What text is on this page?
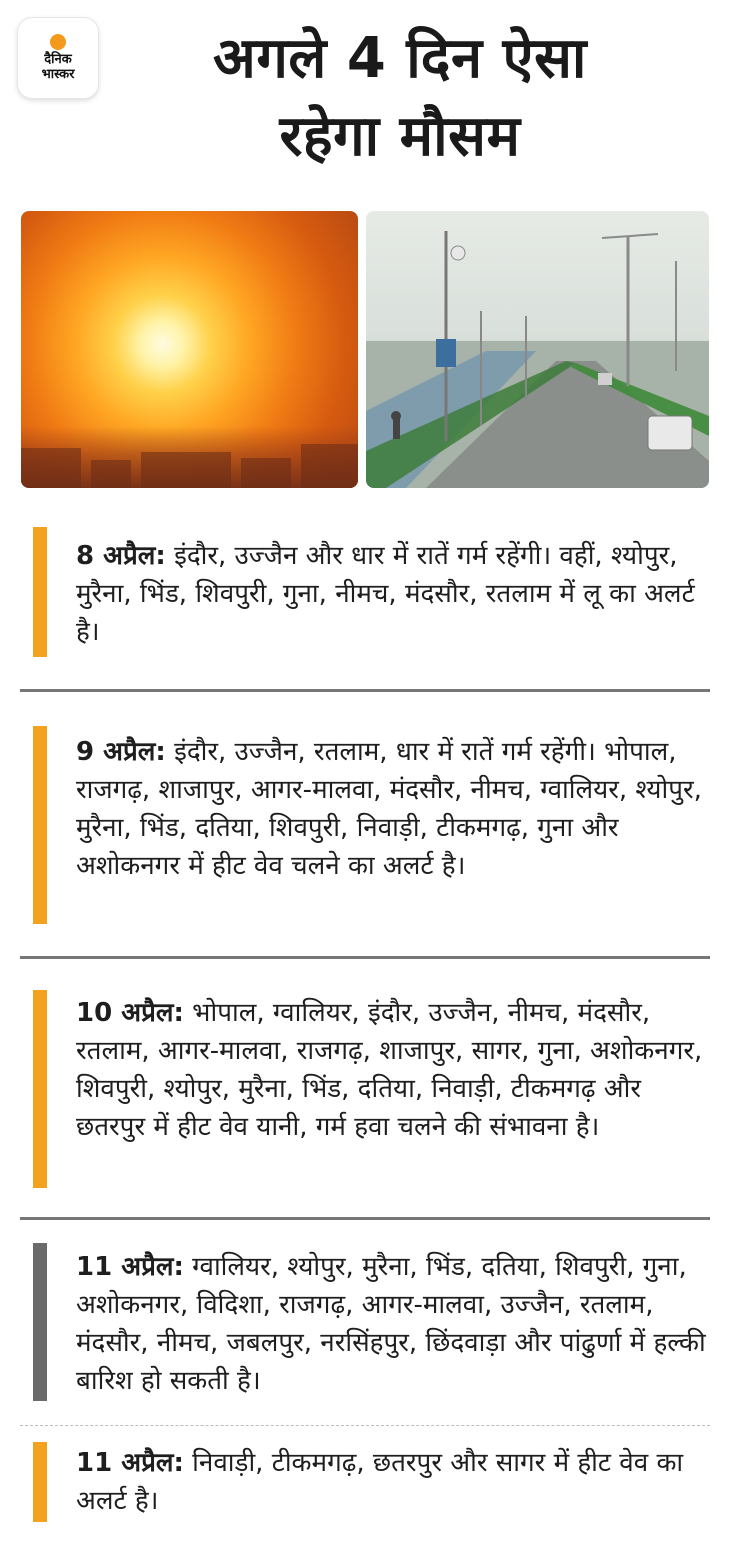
दैनिक
भास्कर	अगले 4 दिन ऐसा
रहेगा मौसम

8 अप्रैल: इंदौर, उज्जैन और धार में रातें गर्म रहेंगी। वहीं, श्योपुर, मुरैना, भिंड, शिवपुरी, गुना, नीमच, मंदसौर, रतलाम में लू का अलर्ट है।

9 अप्रैल: इंदौर, उज्जैन, रतलाम, धार में रातें गर्म रहेंगी। भोपाल, राजगढ़, शाजापुर, आगर-मालवा, मंदसौर, नीमच, ग्वालियर, श्योपुर, मुरैना, भिंड, दतिया, शिवपुरी, निवाड़ी, टीकमगढ़, गुना और अशोकनगर में हीट वेव चलने का अलर्ट है।

10 अप्रैल: भोपाल, ग्वालियर, इंदौर, उज्जैन, नीमच, मंदसौर, रतलाम, आगर-मालवा, राजगढ़, शाजापुर, सागर, गुना, अशोकनगर, शिवपुरी, श्योपुर, मुरैना, भिंड, दतिया, निवाड़ी, टीकमगढ़ और छतरपुर में हीट वेव यानी, गर्म हवा चलने की संभावना है।

11 अप्रैल: ग्वालियर, श्योपुर, मुरैना, भिंड, दतिया, शिवपुरी, गुना, अशोकनगर, विदिशा, राजगढ़, आगर-मालवा, उज्जैन, रतलाम, मंदसौर, नीमच, जबलपुर, नरसिंहपुर, छिंदवाड़ा और पांढुर्णा में हल्की बारिश हो सकती है।

11 अप्रैल: निवाड़ी, टीकमगढ़, छतरपुर और सागर में हीट वेव का अलर्ट है।
